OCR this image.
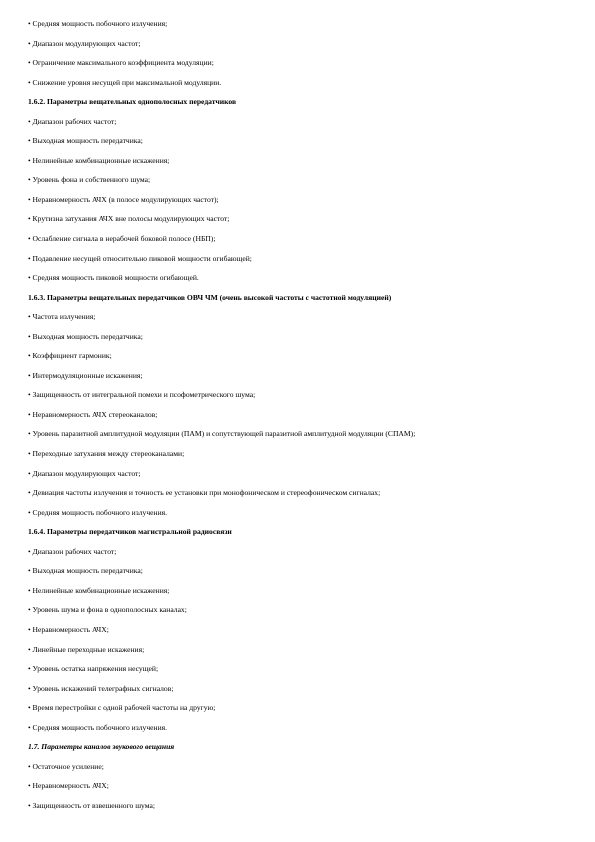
• Средняя мощность побочного излучения;
• Диапазон модулирующих частот;
• Ограничение максимального коэффициента модуляции;
• Снижение уровня несущей при максимальной модуляции.
1.6.2. Параметры вещательных однополосных передатчиков
• Диапазон рабочих частот;
• Выходная мощность передатчика;
• Нелинейные комбинационные искажения;
• Уровень фона и собственного шума;
• Неравномерность АЧХ (в полосе модулирующих частот);
• Крутизна затухания АЧХ вне полосы модулирующих частот;
• Ослабление сигнала в нерабочей боковой полосе (НБП);
• Подавление несущей относительно пиковой мощности огибающей;
• Средняя мощность пиковой мощности огибающей.
1.6.3. Параметры вещательных передатчиков ОВЧ ЧМ (очень высокой частоты с частотной модуляцией)
• Частота излучения;
• Выходная мощность передатчика;
• Коэффициент гармоник;
• Интермодуляционные искажения;
• Защищенность от интегральной помехи и псофометрического шума;
• Неравномерность АЧХ стереоканалов;
• Уровень паразитной амплитудной модуляции (ПАМ) и сопутствующей паразитной амплитудной модуляции (СПАМ);
• Переходные затухания между стереоканалами;
• Диапазон модулирующих частот;
• Девиация частоты излучения и точность ее установки при монофоническом и стереофоническом сигналах;
• Средняя мощность побочного излучения.
1.6.4. Параметры передатчиков магистральной радиосвязи
• Диапазон рабочих частот;
• Выходная мощность передатчика;
• Нелинейные комбинационные искажения;
• Уровень шума и фона в однополосных каналах;
• Неравномерность АЧХ;
• Линейные переходные искажения;
• Уровень остатка напряжения несущей;
• Уровень искажений телеграфных сигналов;
• Время перестройки с одной рабочей частоты на другую;
• Средняя мощность побочного излучения.
1.7. Параметры каналов звукового вещания
• Остаточное усиление;
• Неравномерность АЧХ;
• Защищенность от взвешенного шума;
